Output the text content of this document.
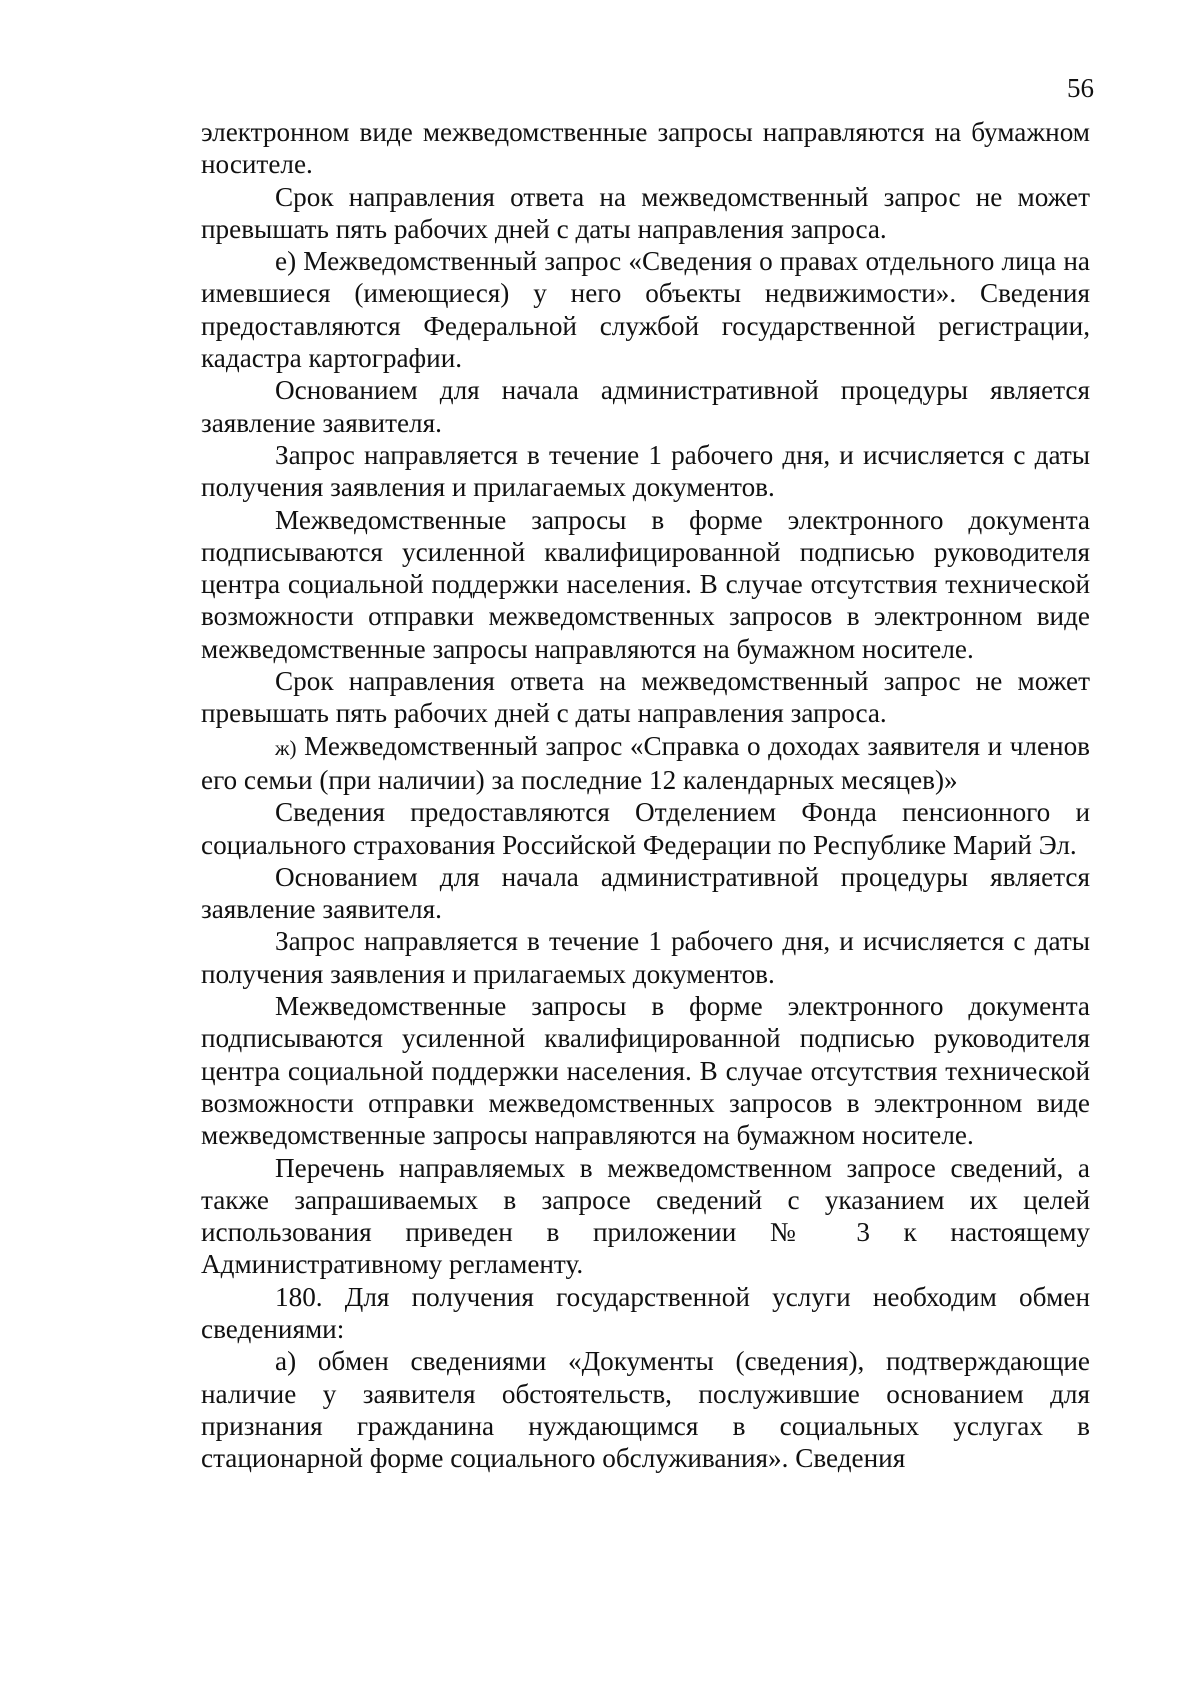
56

электронном виде межведомственные запросы направляются на бумажном носителе.

Срок направления ответа на межведомственный запрос не может превышать пять рабочих дней с даты направления запроса.

е) Межведомственный запрос «Сведения о правах отдельного лица на имевшиеся (имеющиеся) у него объекты недвижимости». Сведения предоставляются Федеральной службой государственной регистрации, кадастра картографии.

Основанием для начала административной процедуры является заявление заявителя.

Запрос направляется в течение 1 рабочего дня, и исчисляется с даты получения заявления и прилагаемых документов.

Межведомственные запросы в форме электронного документа подписываются усиленной квалифицированной подписью руководителя центра социальной поддержки населения. В случае отсутствия технической возможности отправки межведомственных запросов в электронном виде межведомственные запросы направляются на бумажном носителе.

Срок направления ответа на межведомственный запрос не может превышать пять рабочих дней с даты направления запроса.

ж) Межведомственный запрос «Справка о доходах заявителя и членов его семьи (при наличии) за последние 12 календарных месяцев)»

Сведения предоставляются Отделением Фонда пенсионного и социального страхования Российской Федерации по Республике Марий Эл.

Основанием для начала административной процедуры является заявление заявителя.

Запрос направляется в течение 1 рабочего дня, и исчисляется с даты получения заявления и прилагаемых документов.

Межведомственные запросы в форме электронного документа подписываются усиленной квалифицированной подписью руководителя центра социальной поддержки населения. В случае отсутствия технической возможности отправки межведомственных запросов в электронном виде межведомственные запросы направляются на бумажном носителе.

Перечень направляемых в межведомственном запросе сведений, а также запрашиваемых в запросе сведений с указанием их целей использования приведен в приложении № 3 к настоящему Административному регламенту.

180. Для получения государственной услуги необходим обмен сведениями:

а) обмен сведениями «Документы (сведения), подтверждающие наличие у заявителя обстоятельств, послужившие основанием для признания гражданина нуждающимся в социальных услугах в стационарной форме социального обслуживания». Сведения
